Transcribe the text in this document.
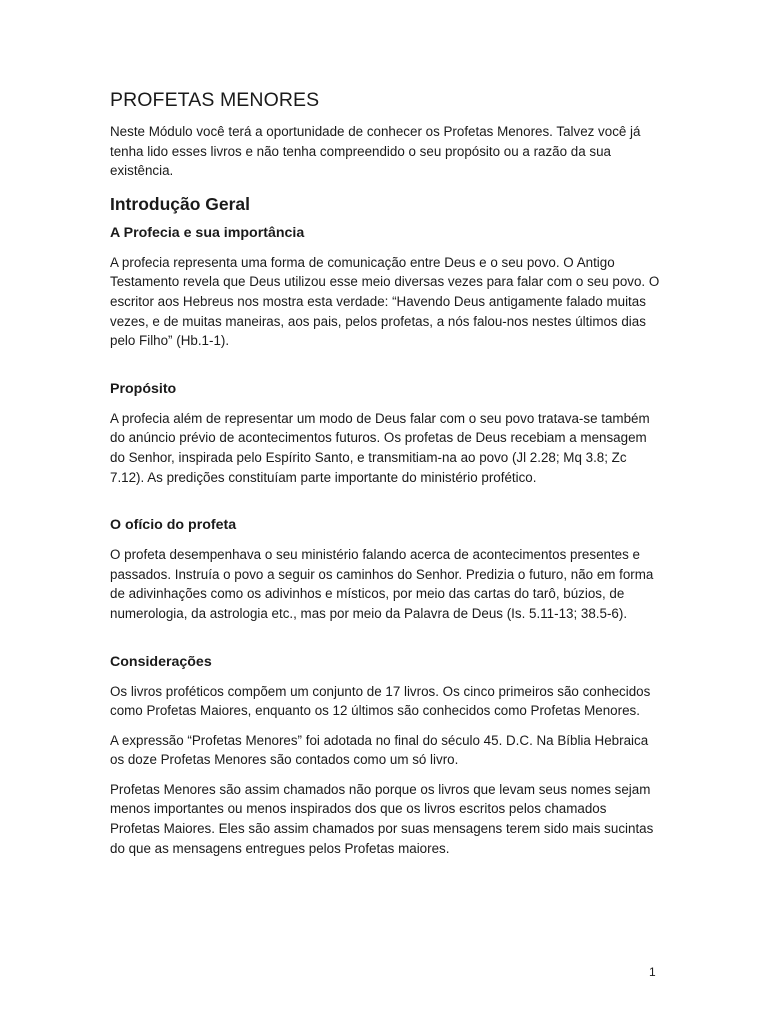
PROFETAS MENORES

Neste Módulo você terá a oportunidade de conhecer os Profetas Menores. Talvez você já tenha lido esses livros e não tenha compreendido o seu propósito ou a razão da sua existência.

Introdução Geral
A Profecia e sua importância

A profecia representa uma forma de comunicação entre Deus e o seu povo. O Antigo Testamento revela que Deus utilizou esse meio diversas vezes para falar com o seu povo. O escritor aos Hebreus nos mostra esta verdade: “Havendo Deus antigamente falado muitas vezes, e de muitas maneiras, aos pais, pelos profetas, a nós falou-nos nestes últimos dias pelo Filho” (Hb.1-1).

Propósito

A profecia além de representar um modo de Deus falar com o seu povo tratava-se também do anúncio prévio de acontecimentos futuros. Os profetas de Deus recebiam a mensagem do Senhor, inspirada pelo Espírito Santo, e transmitiam-na ao povo (Jl 2.28; Mq 3.8; Zc 7.12). As predições constituíam parte importante do ministério profético.

O ofício do profeta

O profeta desempenhava o seu ministério falando acerca de acontecimentos presentes e passados. Instruía o povo a seguir os caminhos do Senhor. Predizia o futuro, não em forma de adivinhações como os adivinhos e místicos, por meio das cartas do tarô, búzios, de numerologia, da astrologia etc., mas por meio da Palavra de Deus (Is. 5.11-13; 38.5-6).

Considerações

Os livros proféticos compõem um conjunto de 17 livros. Os cinco primeiros são conhecidos como Profetas Maiores, enquanto os 12 últimos são conhecidos como Profetas Menores.

A expressão “Profetas Menores” foi adotada no final do século 45. D.C. Na Bíblia Hebraica os doze Profetas Menores são contados como um só livro.

Profetas Menores são assim chamados não porque os livros que levam seus nomes sejam menos importantes ou menos inspirados dos que os livros escritos pelos chamados Profetas Maiores. Eles são assim chamados por suas mensagens terem sido mais sucintas do que as mensagens entregues pelos Profetas maiores.

1
